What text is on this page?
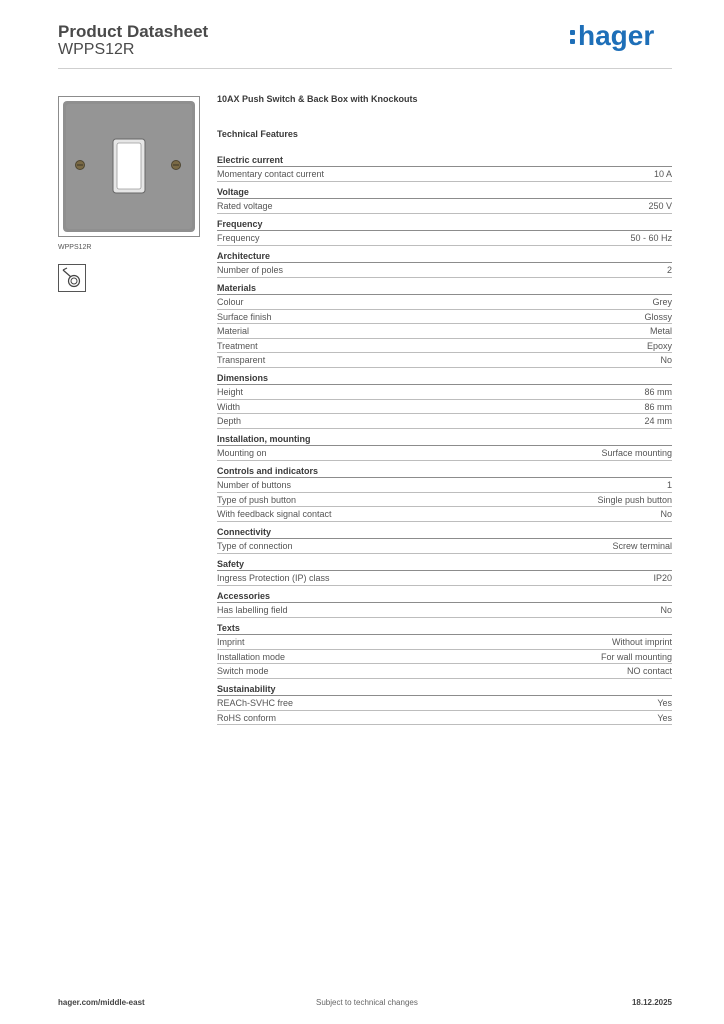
Product Datasheet
WPPS12R	hager
WPPS12R
10AX Push Switch & Back Box with Knockouts
Technical Features
Electric current
Momentary contact current	10 A
Voltage
Rated voltage	250 V
Frequency
Frequency	50 - 60 Hz
Architecture
Number of poles	2
Materials
Colour	Grey
Surface finish	Glossy
Material	Metal
Treatment	Epoxy
Transparent	No
Dimensions
Height	86 mm
Width	86 mm
Depth	24 mm
Installation, mounting
Mounting on	Surface mounting
Controls and indicators
Number of buttons	1
Type of push button	Single push button
With feedback signal contact	No
Connectivity
Type of connection	Screw terminal
Safety
Ingress Protection (IP) class	IP20
Accessories
Has labelling field	No
Texts
Imprint	Without imprint
Installation mode	For wall mounting
Switch mode	NO contact
Sustainability
REACh-SVHC free	Yes
RoHS conform	Yes
hager.com/middle-east	Subject to technical changes	18.12.2025
